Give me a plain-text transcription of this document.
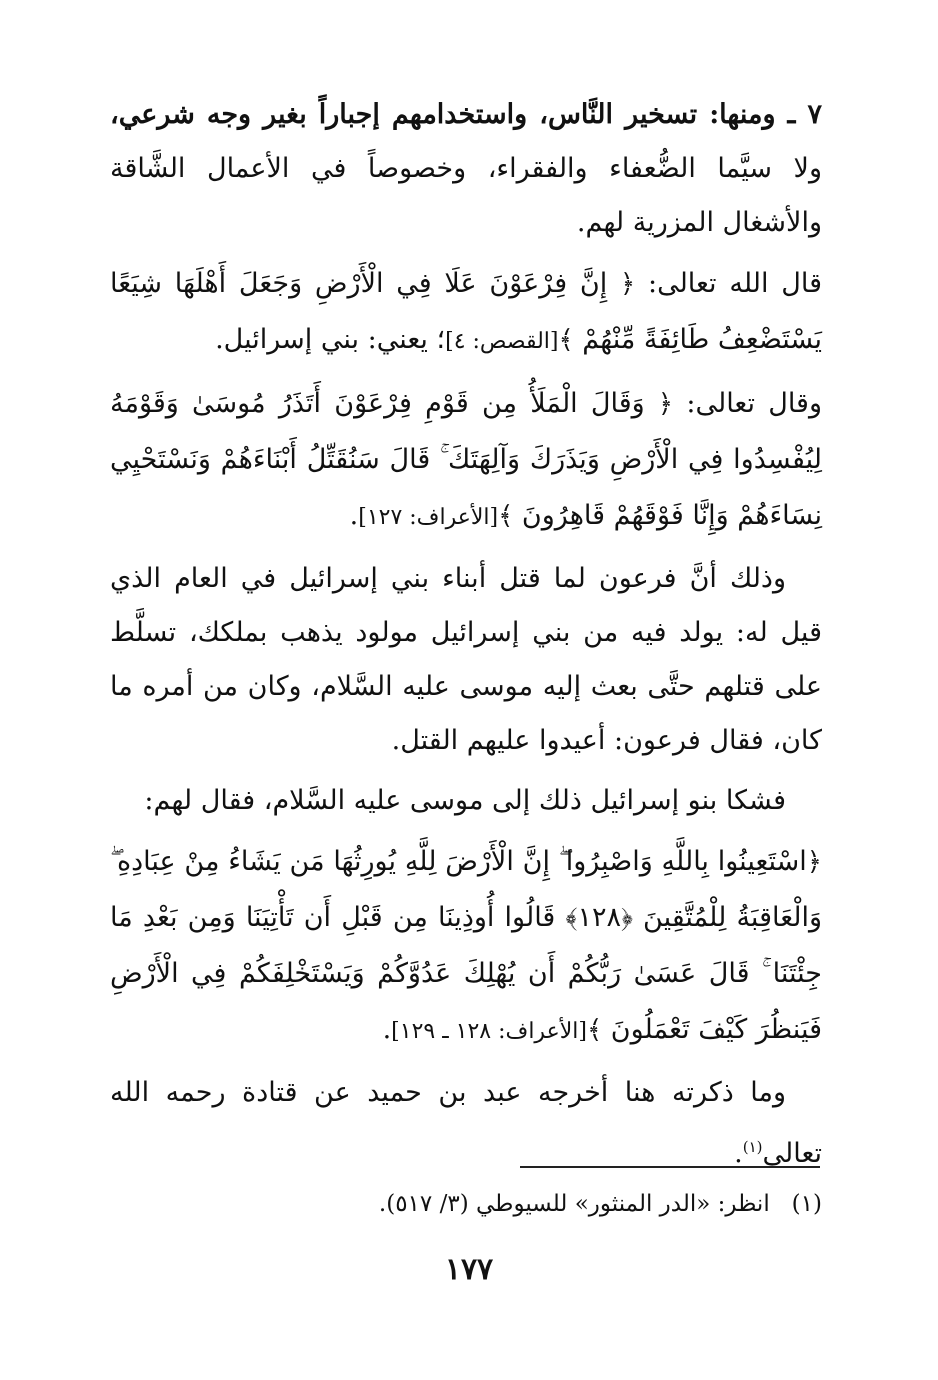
٧ ـ ومنها: تسخير النَّاس، واستخدامهم إجباراً بغير وجه شرعي، ولا سيَّما الضُّعفاء والفقراء، وخصوصاً في الأعمال الشَّاقة والأشغال المزرية لهم.

قال الله تعالى: ﴿ إِنَّ فِرْعَوْنَ عَلَا فِي الْأَرْضِ وَجَعَلَ أَهْلَهَا شِيَعًا يَسْتَضْعِفُ طَائِفَةً مِّنْهُمْ ﴾[القصص: ٤]؛ يعني: بني إسرائيل.

وقال تعالى: ﴿ وَقَالَ الْمَلَأُ مِن قَوْمِ فِرْعَوْنَ أَتَذَرُ مُوسَىٰ وَقَوْمَهُ لِيُفْسِدُوا فِي الْأَرْضِ وَيَذَرَكَ وَآلِهَتَكَ ۚ قَالَ سَنُقَتِّلُ أَبْنَاءَهُمْ وَنَسْتَحْيِي نِسَاءَهُمْ وَإِنَّا فَوْقَهُمْ قَاهِرُونَ ﴾[الأعراف: ١٢٧].

وذلك أنَّ فرعون لما قتل أبناء بني إسرائيل في العام الذي قيل له: يولد فيه من بني إسرائيل مولود يذهب بملكك، تسلَّط على قتلهم حتَّى بعث إليه موسى عليه السَّلام، وكان من أمره ما كان، فقال فرعون: أعيدوا عليهم القتل.

فشكا بنو إسرائيل ذلك إلى موسى عليه السَّلام، فقال لهم:

﴿اسْتَعِينُوا بِاللَّهِ وَاصْبِرُوا ۖ إِنَّ الْأَرْضَ لِلَّهِ يُورِثُهَا مَن يَشَاءُ مِنْ عِبَادِهِ ۖ وَالْعَاقِبَةُ لِلْمُتَّقِينَ ﴿١٢٨﴾ قَالُوا أُوذِينَا مِن قَبْلِ أَن تَأْتِيَنَا وَمِن بَعْدِ مَا جِئْتَنَا ۚ قَالَ عَسَىٰ رَبُّكُمْ أَن يُهْلِكَ عَدُوَّكُمْ وَيَسْتَخْلِفَكُمْ فِي الْأَرْضِ فَيَنظُرَ كَيْفَ تَعْمَلُونَ ﴾[الأعراف: ١٢٨ ـ ١٢٩].

وما ذكرته هنا أخرجه عبد بن حميد عن قتادة رحمه الله تعالى$^{(١)}$.

(١)   انظر: «الدر المنثور» للسيوطي (٣/ ٥١٧).
١٧٧
